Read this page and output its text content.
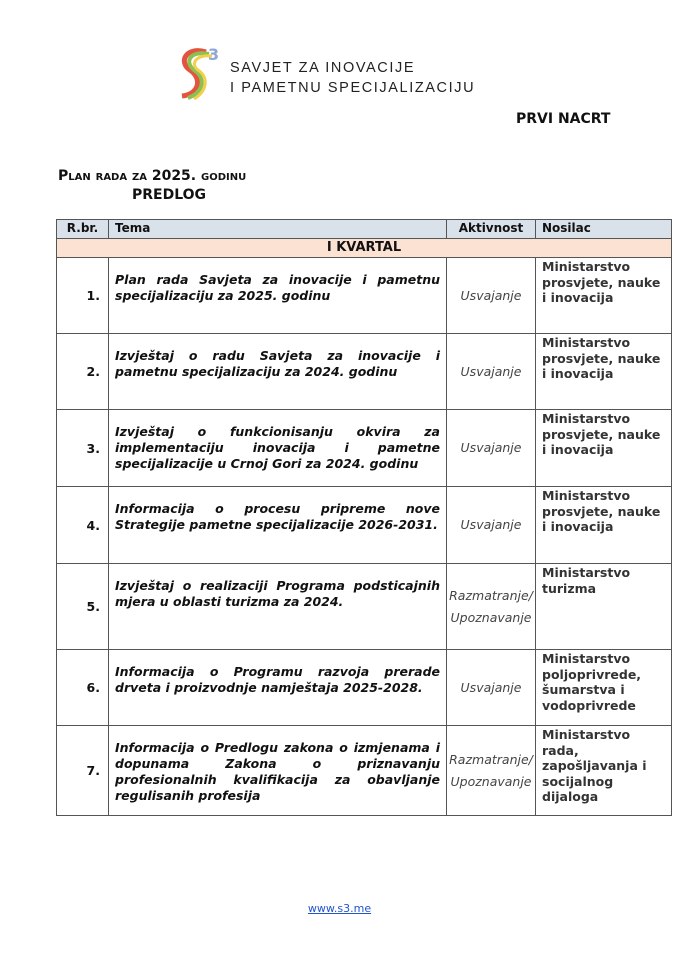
3
SAVJET ZA INOVACIJE
I PAMETNU SPECIJALIZACIJU
PRVI NACRT
Plan rada za 2025. godinu
PREDLOG
R.br.	Tema	Aktivnost	Nosilac
I KVARTAL			
1.	Plan rada Savjeta za inovacije i pametnu specijalizaciju za 2025. godinu	Usvajanje	Ministarstvo prosvjete, nauke i inovacija
2.	Izvještaj o radu Savjeta za inovacije i pametnu specijalizaciju za 2024. godinu	Usvajanje	Ministarstvo prosvjete, nauke i inovacija
3.	Izvještaj o funkcionisanju okvira za implementaciju inovacija i pametne specijalizacije u Crnoj Gori za 2024. godinu	Usvajanje	Ministarstvo prosvjete, nauke i inovacija
4.	Informacija o procesu pripreme nove Strategije pametne specijalizacije 2026-2031.	Usvajanje	Ministarstvo prosvjete, nauke i inovacija
5.	Izvještaj o realizaciji Programa podsticajnih mjera u oblasti turizma za 2024.	Razmatranje/ Upoznavanje	Ministarstvo turizma
6.	Informacija o Programu razvoja prerade drveta i proizvodnje namještaja 2025-2028.	Usvajanje	Ministarstvo poljoprivrede, šumarstva i vodoprivrede
7.	Informacija o Predlogu zakona o izmjenama i dopunama Zakona o priznavanju profesionalnih kvalifikacija za obavljanje regulisanih profesija	Razmatranje/ Upoznavanje	Ministarstvo rada, zapošljavanja i socijalnog dijaloga
www.s3.me
